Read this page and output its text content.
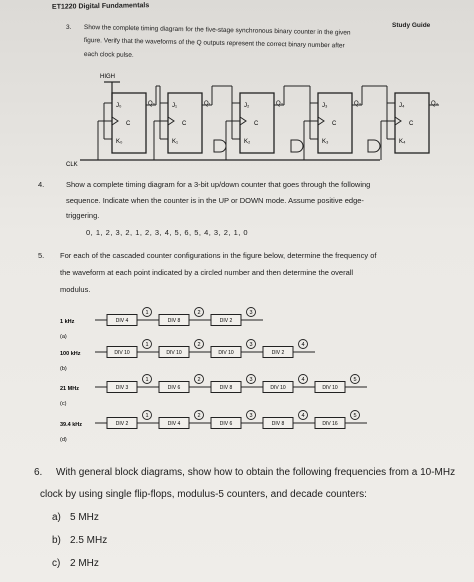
ET1220 Digital Fundamentals
Study Guide
3. Show the complete timing diagram for the five-stage synchronous binary counter in the given
figure. Verify that the waveforms of the Q outputs represent the correct binary number after
each clock pulse.
HIGH
CLK
J₀
C
K₀
Q₀	J₁
C
K₁
Q₁	J₂
C
K₂
Q₂	J₃
C
K₃
Q₃	J₄
C
K₄
Q₄
4.	Show a complete timing diagram for a 3-bit up/down counter that goes through the following
sequence. Indicate when the counter is in the UP or DOWN mode. Assume positive edge-
triggering.
0, 1, 2, 3, 2, 1, 2, 3, 4, 5, 6, 5, 4, 3, 2, 1, 0
5. For each of the cascaded counter configurations in the figure below, determine the frequency of
the waveform at each point indicated by a circled number and then determine the overall
modulus.
1 kHz
(a)
DIV 4
1
DIV 8
2
DIV 2
3
100 kHz
(b)
DIV 10
1
DIV 10
2
DIV 10
3
DIV 2
4
21 MHz
(c)
DIV 3
1
DIV 6
2
DIV 8
3
DIV 10
4
DIV 10
5
39.4 kHz
(d)
DIV 2
1
DIV 4
2
DIV 6
3
DIV 8
4
DIV 16
5
6. With general block diagrams, show how to obtain the following frequencies from a 10-MHz
clock by using single flip-flops, modulus-5 counters, and decade counters:
a) 5 MHz
b) 2.5 MHz
c) 2 MHz
